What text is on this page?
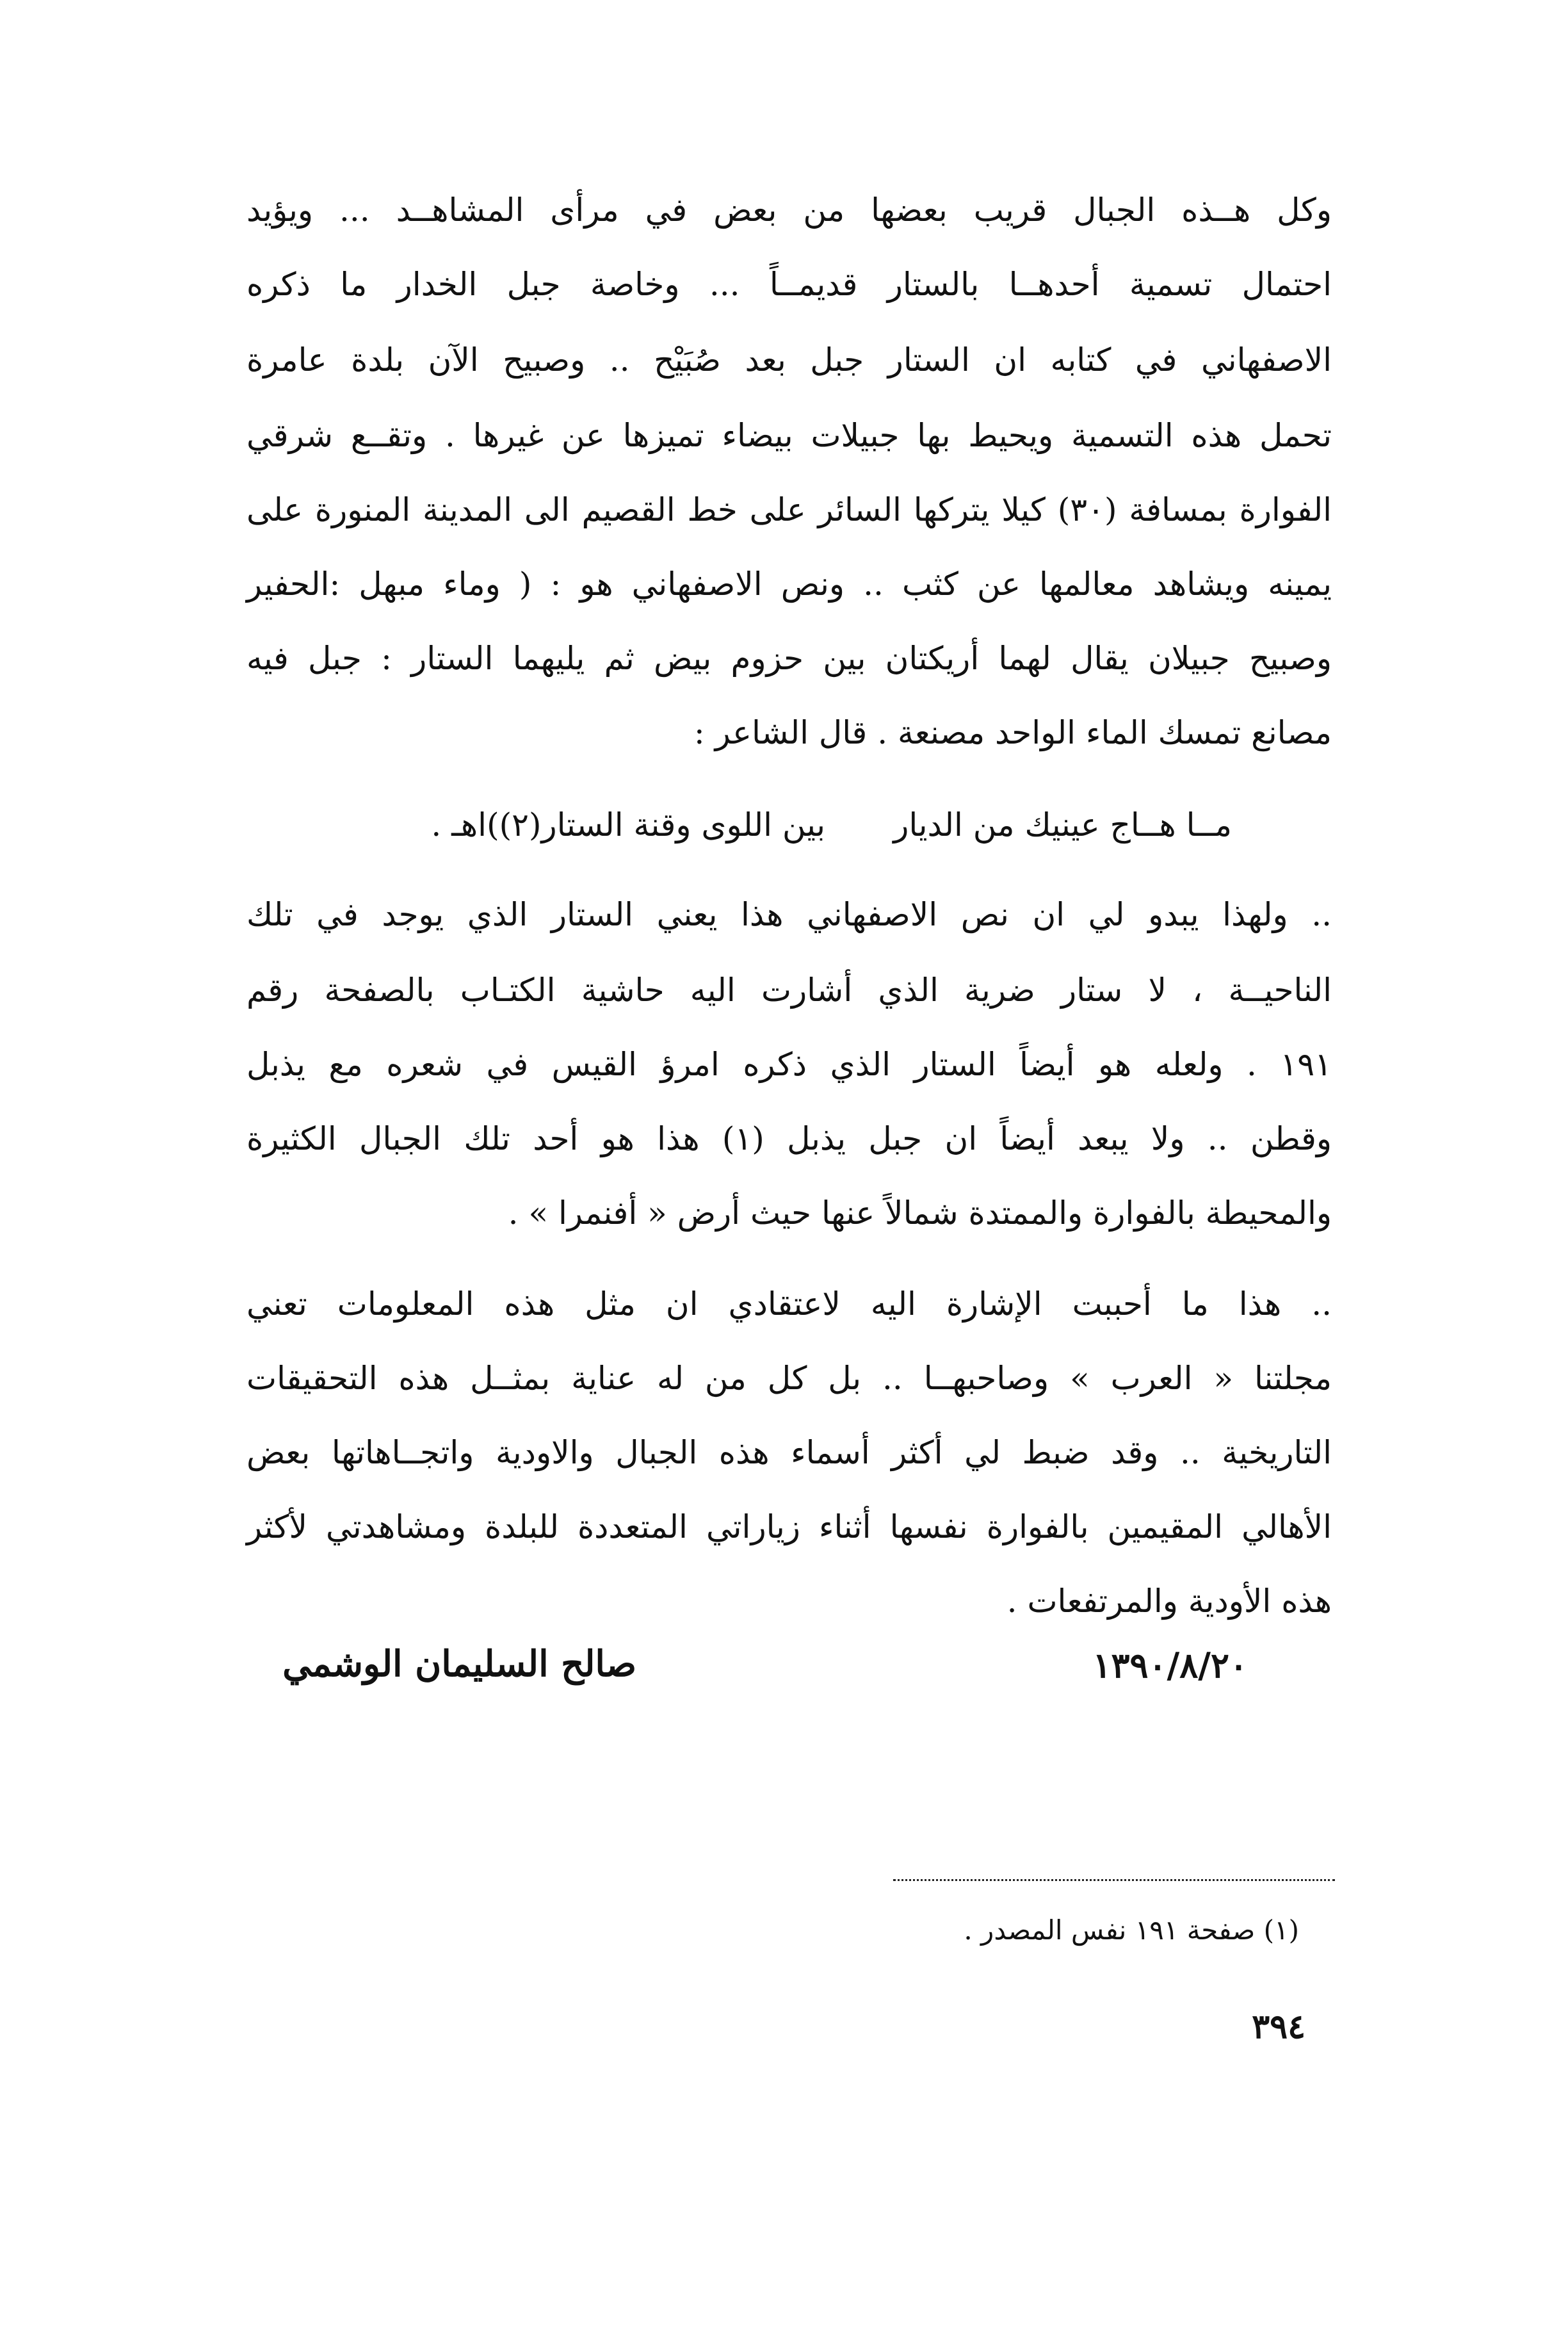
وكل هــذه الجبال قريب بعضها من بعض في مرأى المشاهــد ... ويؤيد
احتمال تسمية أحدهــا بالستار قديمــاً ... وخاصة جبل الخدار ما ذكره
الاصفهاني في كتابه ان الستار جبل بعد صُبَيْح .. وصبيح الآن بلدة عامرة
تحمل هذه التسمية ويحيط بها جبيلات بيضاء تميزها عن غيرها . وتقــع شرقي
الفوارة بمسافة (٣٠) كيلا يتركها السائر على خط القصيم الى المدينة المنورة على
يمينه ويشاهد معالمها عن كثب .. ونص الاصفهاني هو : ( وماء مبهل :الحفير
وصبيح جبيلان يقال لهما أريكتان بين حزوم بيض ثم يليهما الستار : جبل فيه
مصانع تمسك الماء الواحد مصنعة . قال الشاعر :
مــا هــاج عينيك من الديار
بين اللوى وقنة الستار(٢))اهـ .
.. ولهذا يبدو لي ان نص الاصفهاني هذا يعني الستار الذي يوجد في تلك
الناحيــة ، لا ستار ضرية الذي أشارت اليه حاشية الكتـاب بالصفحة رقم
١٩١ . ولعله هو أيضاً الستار الذي ذكره امرؤ القيس في شعره مع يذبل
وقطن .. ولا يبعد أيضاً ان جبل يذبل (١) هذا هو أحد تلك الجبال الكثيرة
والمحيطة بالفوارة والممتدة شمالاً عنها حيث أرض « أفنمرا » .
.. هذا ما أحببت الإشارة اليه لاعتقادي ان مثل هذه المعلومات تعني
مجلتنا « العرب » وصاحبهــا .. بل كل من له عناية بمثــل هذه التحقيقات
التاريخية .. وقد ضبط لي أكثر أسماء هذه الجبال والاودية واتجــاهاتها بعض
الأهالي المقيمين بالفوارة نفسها أثناء زياراتي المتعددة للبلدة ومشاهدتي لأكثر
هذه الأودية والمرتفعات .
١٣٩٠/٨/٢٠
صالح السليمان الوشمي
(١) صفحة ١٩١ نفس المصدر .
٣٩٤
